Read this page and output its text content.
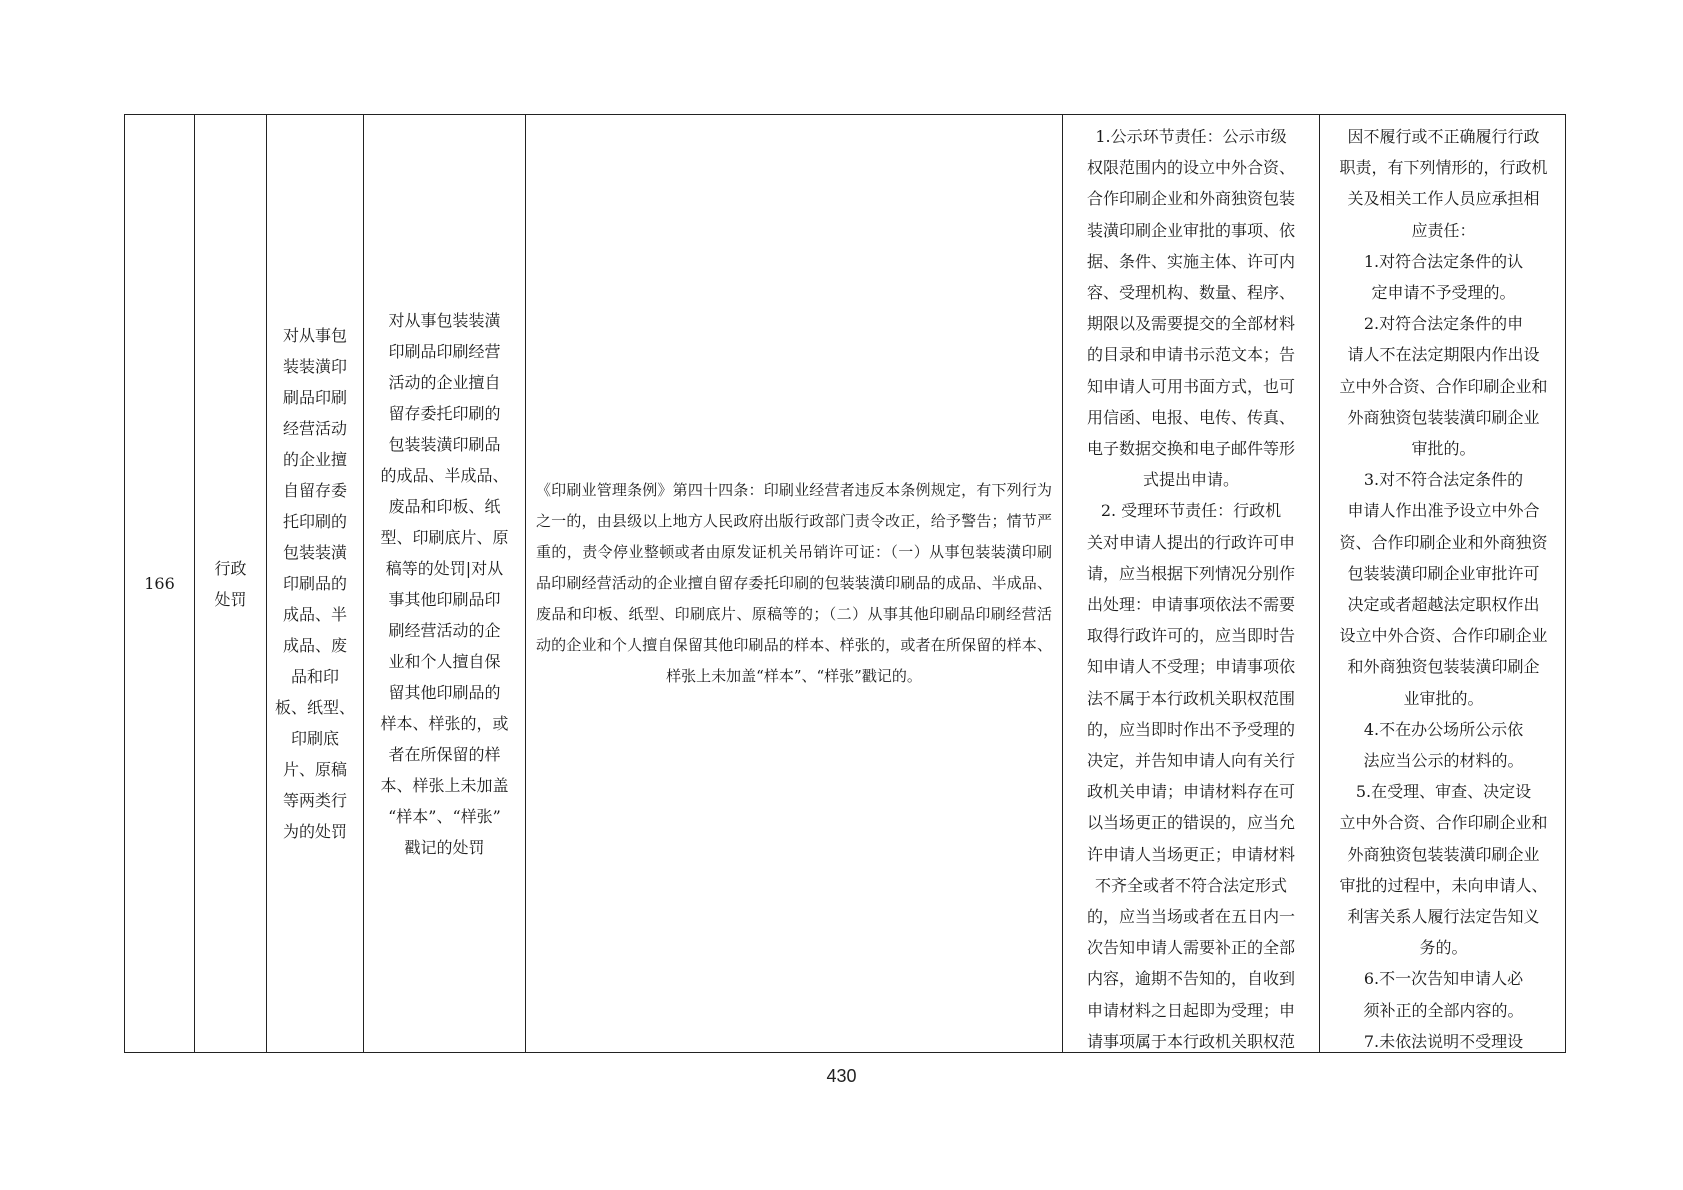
166
行政
处罚
对从事包
装装潢印
刷品印刷
经营活动
的企业擅
自留存委
托印刷的
包装装潢
印刷品的
成品、半
成品、废
品和印
板、纸型、
印刷底
片、原稿
等两类行
为的处罚
对从事包装装潢
印刷品印刷经营
活动的企业擅自
留存委托印刷的
包装装潢印刷品
的成品、半成品、
废品和印板、纸
型、印刷底片、原
稿等的处罚|对从
事其他印刷品印
刷经营活动的企
业和个人擅自保
留其他印刷品的
样本、样张的，或
者在所保留的样
本、样张上未加盖
“样本”、“样张”
戳记的处罚
《印刷业管理条例》第四十四条：印刷业经营者违反本条例规定，有下列行为之一的，由县级以上地方人民政府出版行政部门责令改正，给予警告；情节严重的，责令停业整顿或者由原发证机关吊销许可证：（一）从事包装装潢印刷品印刷经营活动的企业擅自留存委托印刷的包装装潢印刷品的成品、半成品、废品和印板、纸型、印刷底片、原稿等的；（二）从事其他印刷品印刷经营活动的企业和个人擅自保留其他印刷品的样本、样张的，或者在所保留的样本、样张上未加盖“样本”、“样张”戳记的。
1.公示环节责任：公示市级
权限范围内的设立中外合资、
合作印刷企业和外商独资包装
装潢印刷企业审批的事项、依
据、条件、实施主体、许可内
容、受理机构、数量、程序、
期限以及需要提交的全部材料
的目录和申请书示范文本；告
知申请人可用书面方式，也可
用信函、电报、电传、传真、
电子数据交换和电子邮件等形
式提出申请。
2. 受理环节责任：行政机
关对申请人提出的行政许可申
请，应当根据下列情况分别作
出处理：申请事项依法不需要
取得行政许可的，应当即时告
知申请人不受理；申请事项依
法不属于本行政机关职权范围
的，应当即时作出不予受理的
决定，并告知申请人向有关行
政机关申请；申请材料存在可
以当场更正的错误的，应当允
许申请人当场更正；申请材料
不齐全或者不符合法定形式
的，应当当场或者在五日内一
次告知申请人需要补正的全部
内容，逾期不告知的，自收到
申请材料之日起即为受理；申
请事项属于本行政机关职权范
因不履行或不正确履行行政
职责，有下列情形的，行政机
关及相关工作人员应承担相
应责任：
1.对符合法定条件的认
定申请不予受理的。
2.对符合法定条件的申
请人不在法定期限内作出设
立中外合资、合作印刷企业和
外商独资包装装潢印刷企业
审批的。
3.对不符合法定条件的
申请人作出准予设立中外合
资、合作印刷企业和外商独资
包装装潢印刷企业审批许可
决定或者超越法定职权作出
设立中外合资、合作印刷企业
和外商独资包装装潢印刷企
业审批的。
4.不在办公场所公示依
法应当公示的材料的。
5.在受理、审查、决定设
立中外合资、合作印刷企业和
外商独资包装装潢印刷企业
审批的过程中，未向申请人、
利害关系人履行法定告知义
务的。
6.不一次告知申请人必
须补正的全部内容的。
7.未依法说明不受理设
430
